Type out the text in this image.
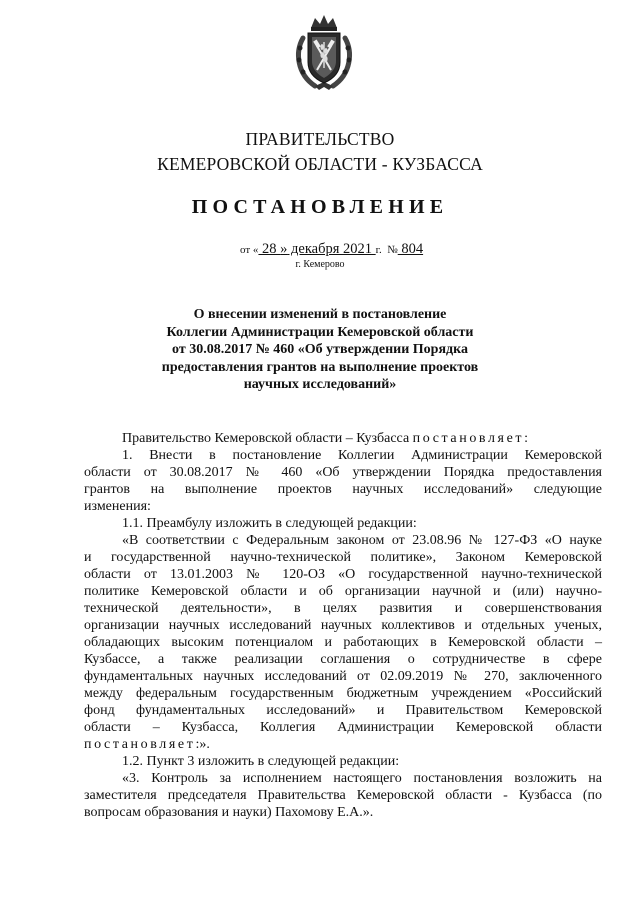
ПРАВИТЕЛЬСТВО
КЕМЕРОВСКОЙ ОБЛАСТИ - КУЗБАССА
ПОСТАНОВЛЕНИЕ
от « 28 » декабря 2021 г. № 804
г. Кемерово
О внесении изменений в постановление
Коллегии Администрации Кемеровской области
от 30.08.2017 № 460 «Об утверждении Порядка
предоставления грантов на выполнение проектов
научных исследований»
Правительство Кемеровской области – Кузбасса постановляет:
1. Внести в постановление Коллегии Администрации Кемеровской
области от 30.08.2017 № 460 «Об утверждении Порядка предоставления
грантов на выполнение проектов научных исследований» следующие
изменения:
1.1. Преамбулу изложить в следующей редакции:
«В соответствии с Федеральным законом от 23.08.96 № 127-ФЗ «О науке
и государственной научно-технической политике», Законом Кемеровской
области от 13.01.2003 № 120-ОЗ «О государственной научно-технической
политике Кемеровской области и об организации научной и (или) научно-
технической деятельности», в целях развития и совершенствования
организации научных исследований научных коллективов и отдельных ученых,
обладающих высоким потенциалом и работающих в Кемеровской области –
Кузбассе, а также реализации соглашения о сотрудничестве в сфере
фундаментальных научных исследований от 02.09.2019 № 270, заключенного
между федеральным государственным бюджетным учреждением «Российский
фонд фундаментальных исследований» и Правительством Кемеровской
области – Кузбасса, Коллегия Администрации Кемеровской области
постановляет:».
1.2. Пункт 3 изложить в следующей редакции:
«3. Контроль за исполнением настоящего постановления возложить на
заместителя председателя Правительства Кемеровской области - Кузбасса (по
вопросам образования и науки) Пахомову Е.А.».
